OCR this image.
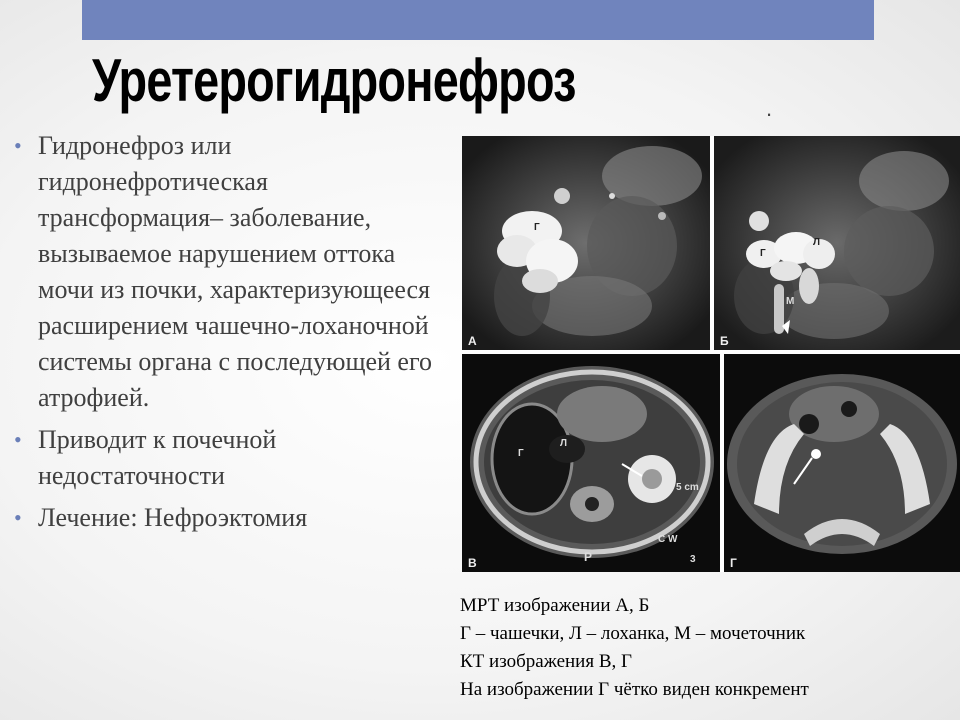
Уретерогидронефроз	.
• Гидронефроз или гидронефротическая трансформация– заболевание, вызываемое нарушением оттока мочи из почки, характеризующееся расширением чашечно-лоханочной системы органа с последующей его атрофией.
• Приводит к почечной недостаточности
• Лечение: Нефроэктомия
Г
А
Г
Л
М
Б
Г
Л
P
5 cm
C W
3
В	Г
МРТ изображении А, Б
Г – чашечки, Л – лоханка, М – мочеточник
КТ изображения В, Г
На изображении Г чётко виден конкремент
